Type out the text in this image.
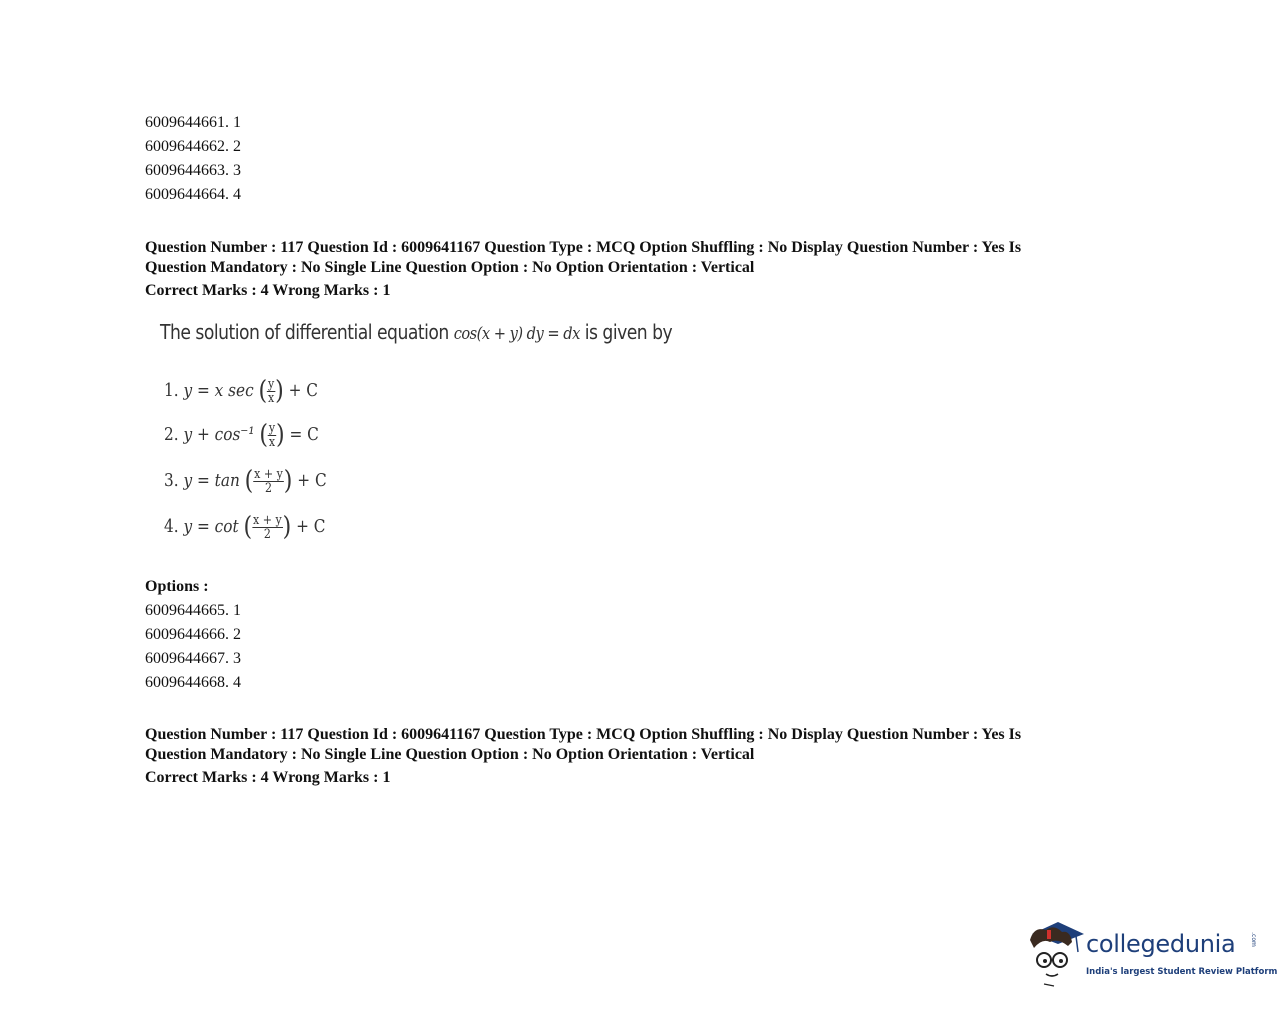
6009644661. 1
6009644662. 2
6009644663. 3
6009644664. 4

Question Number : 117 Question Id : 6009641167 Question Type : MCQ Option Shuffling : No Display Question Number : Yes Is

Question Mandatory : No Single Line Question Option : No Option Orientation : Vertical

Correct Marks : 4 Wrong Marks : 1

The solution of differential equation cos(x + y) dy = dx is given by
1. y = x sec ( $\frac{y}{x}$ ) + C
2. y + cos⁻¹ ( $\frac{y}{x}$ ) = C
3. y = tan ( $\frac{x + y}{2}$ ) + C
4. y = cot ( $\frac{x + y}{2}$ ) + C
Options :
6009644665. 1
6009644666. 2
6009644667. 3
6009644668. 4

Question Number : 117 Question Id : 6009641167 Question Type : MCQ Option Shuffling : No Display Question Number : Yes Is

Question Mandatory : No Single Line Question Option : No Option Orientation : Vertical

Correct Marks : 4 Wrong Marks : 1

collegedunia .com
India's largest Student Review Platform
